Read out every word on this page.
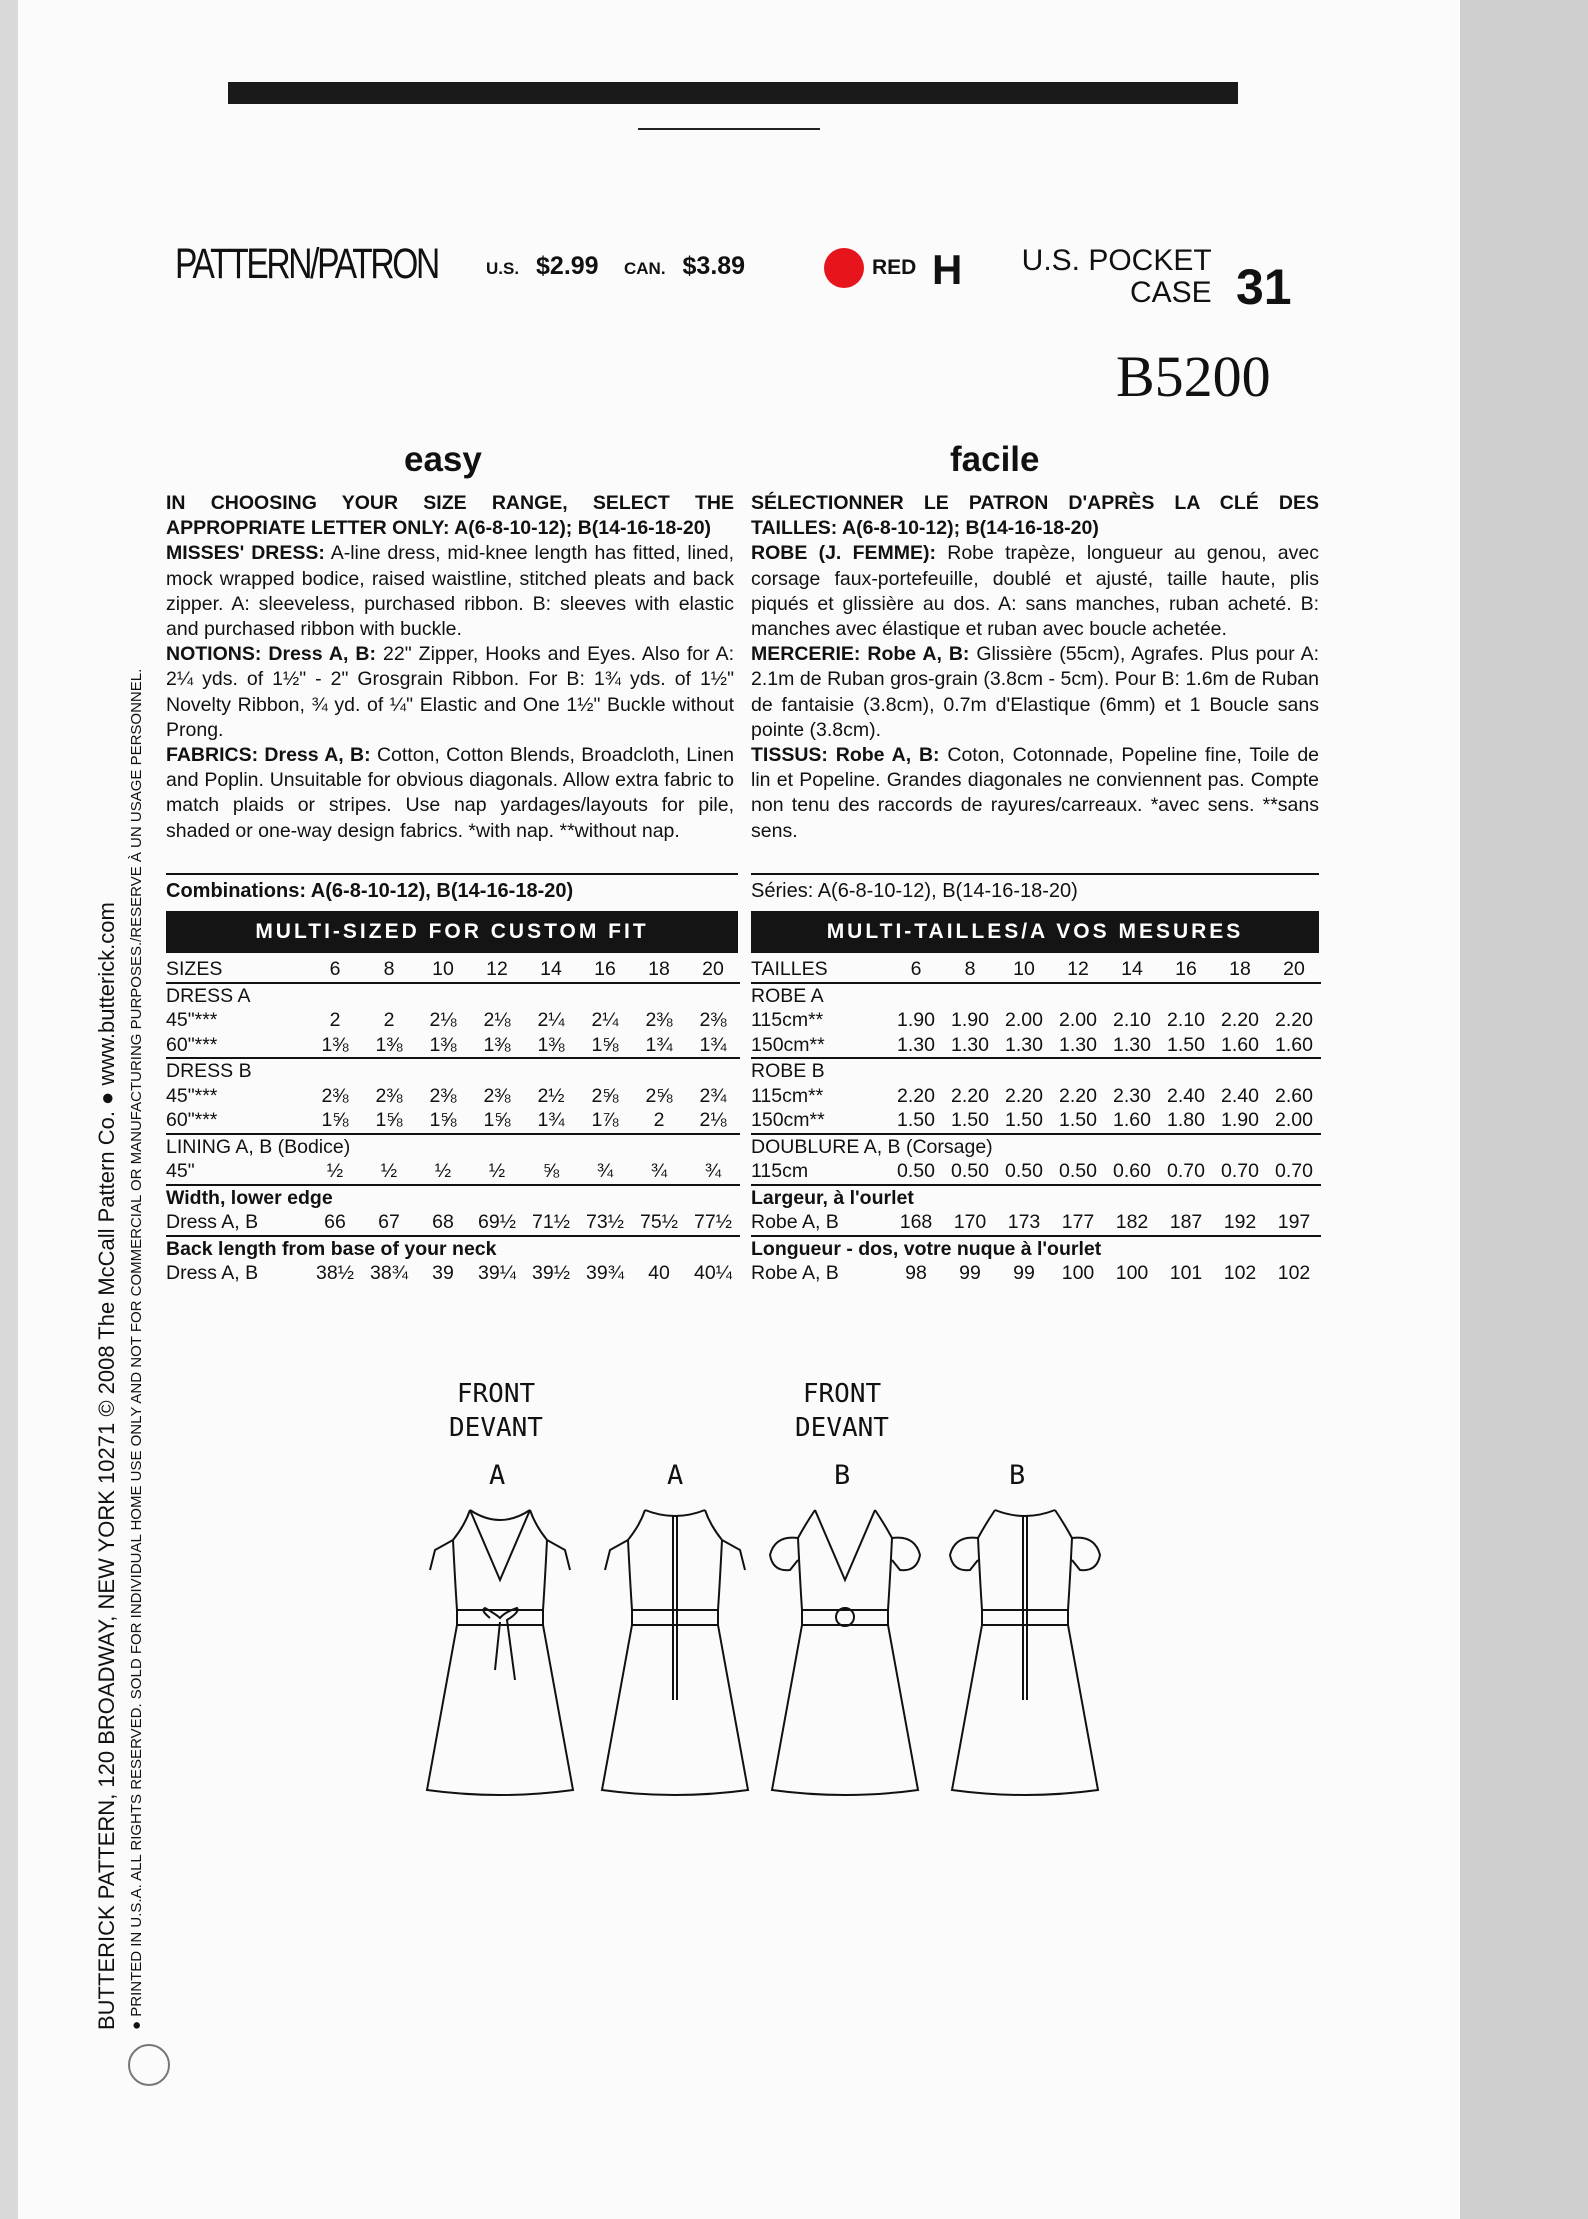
PATTERN/PATRON	U.S. $2.99 CAN. $3.89	RED H	U.S. POCKET
CASE 31
B5200
easy	facile

IN CHOOSING YOUR SIZE RANGE, SELECT THE APPROPRIATE LETTER ONLY: A(6-8-10-12); B(14-16-18-20)

MISSES' DRESS: A-line dress, mid-knee length has fitted, lined, mock wrapped bodice, raised waistline, stitched pleats and back zipper. A: sleeveless, purchased ribbon. B: sleeves with elastic and purchased ribbon with buckle.

NOTIONS: Dress A, B: 22" Zipper, Hooks and Eyes. Also for A: 2¼ yds. of 1½" - 2" Grosgrain Ribbon. For B: 1¾ yds. of 1½" Novelty Ribbon, ¾ yd. of ¼" Elastic and One 1½" Buckle without Prong.

FABRICS: Dress A, B: Cotton, Cotton Blends, Broadcloth, Linen and Poplin. Unsuitable for obvious diagonals. Allow extra fabric to match plaids or stripes. Use nap yardages/layouts for pile, shaded or one-way design fabrics. *with nap. **without nap.

SÉLECTIONNER LE PATRON D'APRÈS LA CLÉ DES TAILLES: A(6-8-10-12); B(14-16-18-20)

ROBE (J. FEMME): Robe trapèze, longueur au genou, avec corsage faux-portefeuille, doublé et ajusté, taille haute, plis piqués et glissière au dos. A: sans manches, ruban acheté. B: manches avec élastique et ruban avec boucle achetée.

MERCERIE: Robe A, B: Glissière (55cm), Agrafes. Plus pour A: 2.1m de Ruban gros-grain (3.8cm - 5cm). Pour B: 1.6m de Ruban de fantaisie (3.8cm), 0.7m d'Elastique (6mm) et 1 Boucle sans pointe (3.8cm).

TISSUS: Robe A, B: Coton, Cotonnade, Popeline fine, Toile de lin et Popeline. Grandes diagonales ne conviennent pas. Compte non tenu des raccords de rayures/carreaux. *avec sens. **sans sens.

Combinations: A(6-8-10-12), B(14-16-18-20)	Séries: A(6-8-10-12), B(14-16-18-20)
MULTI-SIZED FOR CUSTOM FIT	MULTI-TAILLES/A VOS MESURES
SIZES	6	8	10	12	14	16	18	20
DRESS A								
45"***	2	2	2⅛	2⅛	2¼	2¼	2⅜	2⅜
60"***	1⅜	1⅜	1⅜	1⅜	1⅜	1⅝	1¾	1¾
DRESS B								
45"***	2⅜	2⅜	2⅜	2⅜	2½	2⅝	2⅝	2¾
60"***	1⅝	1⅝	1⅝	1⅝	1¾	1⅞	2	2⅛
LINING A, B (Bodice)								
45"	½	½	½	½	⅝	¾	¾	¾
Width, lower edge								
Dress A, B	66	67	68	69½	71½	73½	75½	77½
Back length from base of your neck								
Dress A, B	38½	38¾	39	39¼	39½	39¾	40	40¼
TAILLES	6	8	10	12	14	16	18	20
ROBE A								
115cm**	1.90	1.90	2.00	2.00	2.10	2.10	2.20	2.20
150cm**	1.30	1.30	1.30	1.30	1.30	1.50	1.60	1.60
ROBE B								
115cm**	2.20	2.20	2.20	2.20	2.30	2.40	2.40	2.60
150cm**	1.50	1.50	1.50	1.50	1.60	1.80	1.90	2.00
DOUBLURE A, B (Corsage)								
115cm	0.50	0.50	0.50	0.50	0.60	0.70	0.70	0.70
Largeur, à l'ourlet								
Robe A, B	168	170	173	177	182	187	192	197
Longueur - dos, votre nuque à l'ourlet								
Robe A, B	98	99	99	100	100	101	102	102
BUTTERICK PATTERN, 120 BROADWAY, NEW YORK 10271 © 2008 The McCall Pattern Co. ● www.butterick.com ● PRINTED IN U.S.A. ALL RIGHTS RESERVED. SOLD FOR INDIVIDUAL HOME USE ONLY AND NOT FOR COMMERCIAL OR MANUFACTURING PURPOSES./RESERVE À UN USAGE PERSONNEL.	FRONT
DEVANT
FRONT
DEVANT
A	A	B	B
